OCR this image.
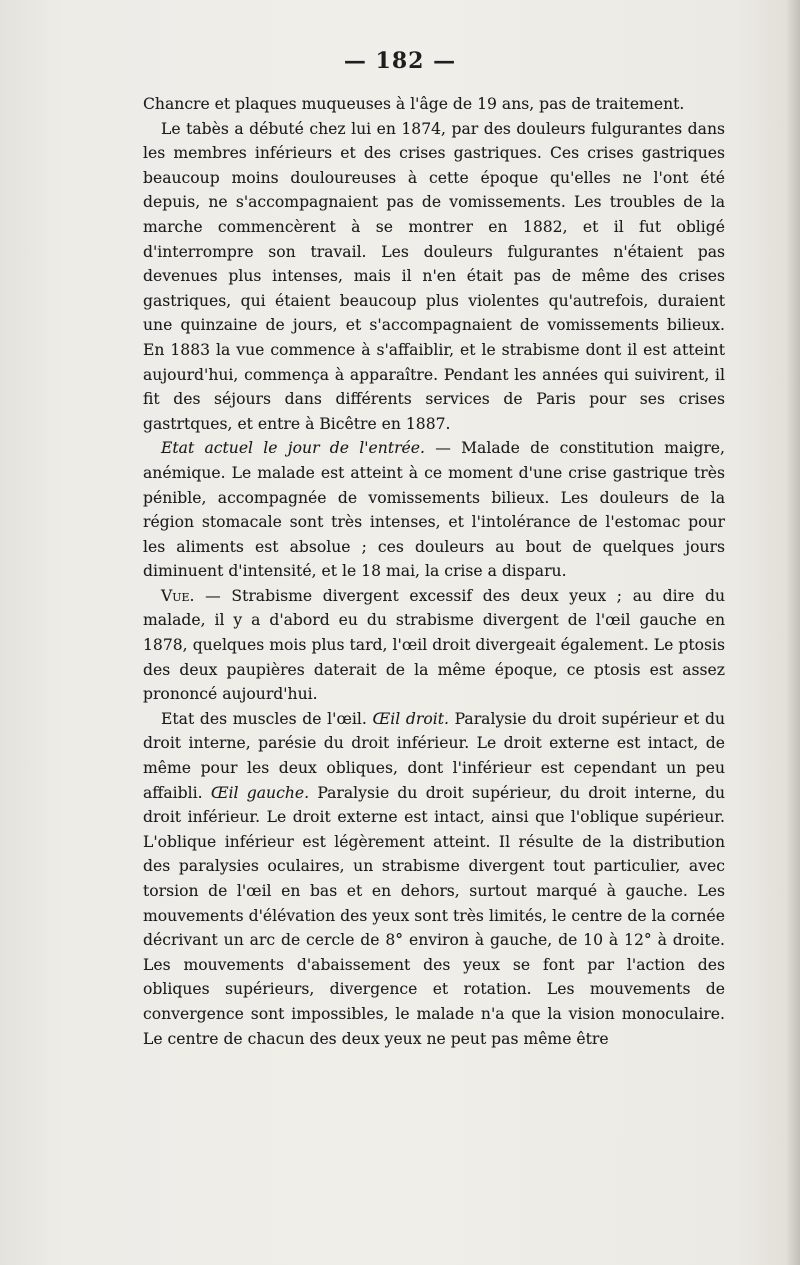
— 182 —

Chancre et plaques muqueuses à l'âge de 19 ans, pas de traitement.

Le tabès a débuté chez lui en 1874, par des douleurs fulgurantes dans les membres inférieurs et des crises gastriques. Ces crises gastriques beaucoup moins douloureuses à cette époque qu'elles ne l'ont été depuis, ne s'accompagnaient pas de vomissements. Les troubles de la marche commencèrent à se montrer en 1882, et il fut obligé d'interrompre son travail. Les douleurs fulgurantes n'étaient pas devenues plus intenses, mais il n'en était pas de même des crises gastriques, qui étaient beaucoup plus violentes qu'autrefois, duraient une quinzaine de jours, et s'accompagnaient de vomissements bilieux. En 1883 la vue commence à s'affaiblir, et le strabisme dont il est atteint aujourd'hui, commença à apparaître. Pendant les années qui suivirent, il fit des séjours dans différents services de Paris pour ses crises gastrtques, et entre à Bicêtre en 1887.

Etat actuel le jour de l'entrée. — Malade de constitution maigre, anémique. Le malade est atteint à ce moment d'une crise gastrique très pénible, accompagnée de vomissements bilieux. Les douleurs de la région stomacale sont très intenses, et l'intolérance de l'estomac pour les aliments est absolue ; ces douleurs au bout de quelques jours diminuent d'intensité, et le 18 mai, la crise a disparu.

Vue. — Strabisme divergent excessif des deux yeux ; au dire du malade, il y a d'abord eu du strabisme divergent de l'œil gauche en 1878, quelques mois plus tard, l'œil droit divergeait également. Le ptosis des deux paupières daterait de la même époque, ce ptosis est assez prononcé aujourd'hui.

Etat des muscles de l'œil. Œil droit. Paralysie du droit supérieur et du droit interne, parésie du droit inférieur. Le droit externe est intact, de même pour les deux obliques, dont l'inférieur est cependant un peu affaibli. Œil gauche. Paralysie du droit supérieur, du droit interne, du droit inférieur. Le droit externe est intact, ainsi que l'oblique supérieur. L'oblique inférieur est légèrement atteint. Il résulte de la distribution des paralysies oculaires, un strabisme divergent tout particulier, avec torsion de l'œil en bas et en dehors, surtout marqué à gauche. Les mouvements d'élévation des yeux sont très limités, le centre de la cornée décrivant un arc de cercle de 8° environ à gauche, de 10 à 12° à droite. Les mouvements d'abaissement des yeux se font par l'action des obliques supérieurs, divergence et rotation. Les mouvements de convergence sont impossibles, le malade n'a que la vision monoculaire. Le centre de chacun des deux yeux ne peut pas même être
